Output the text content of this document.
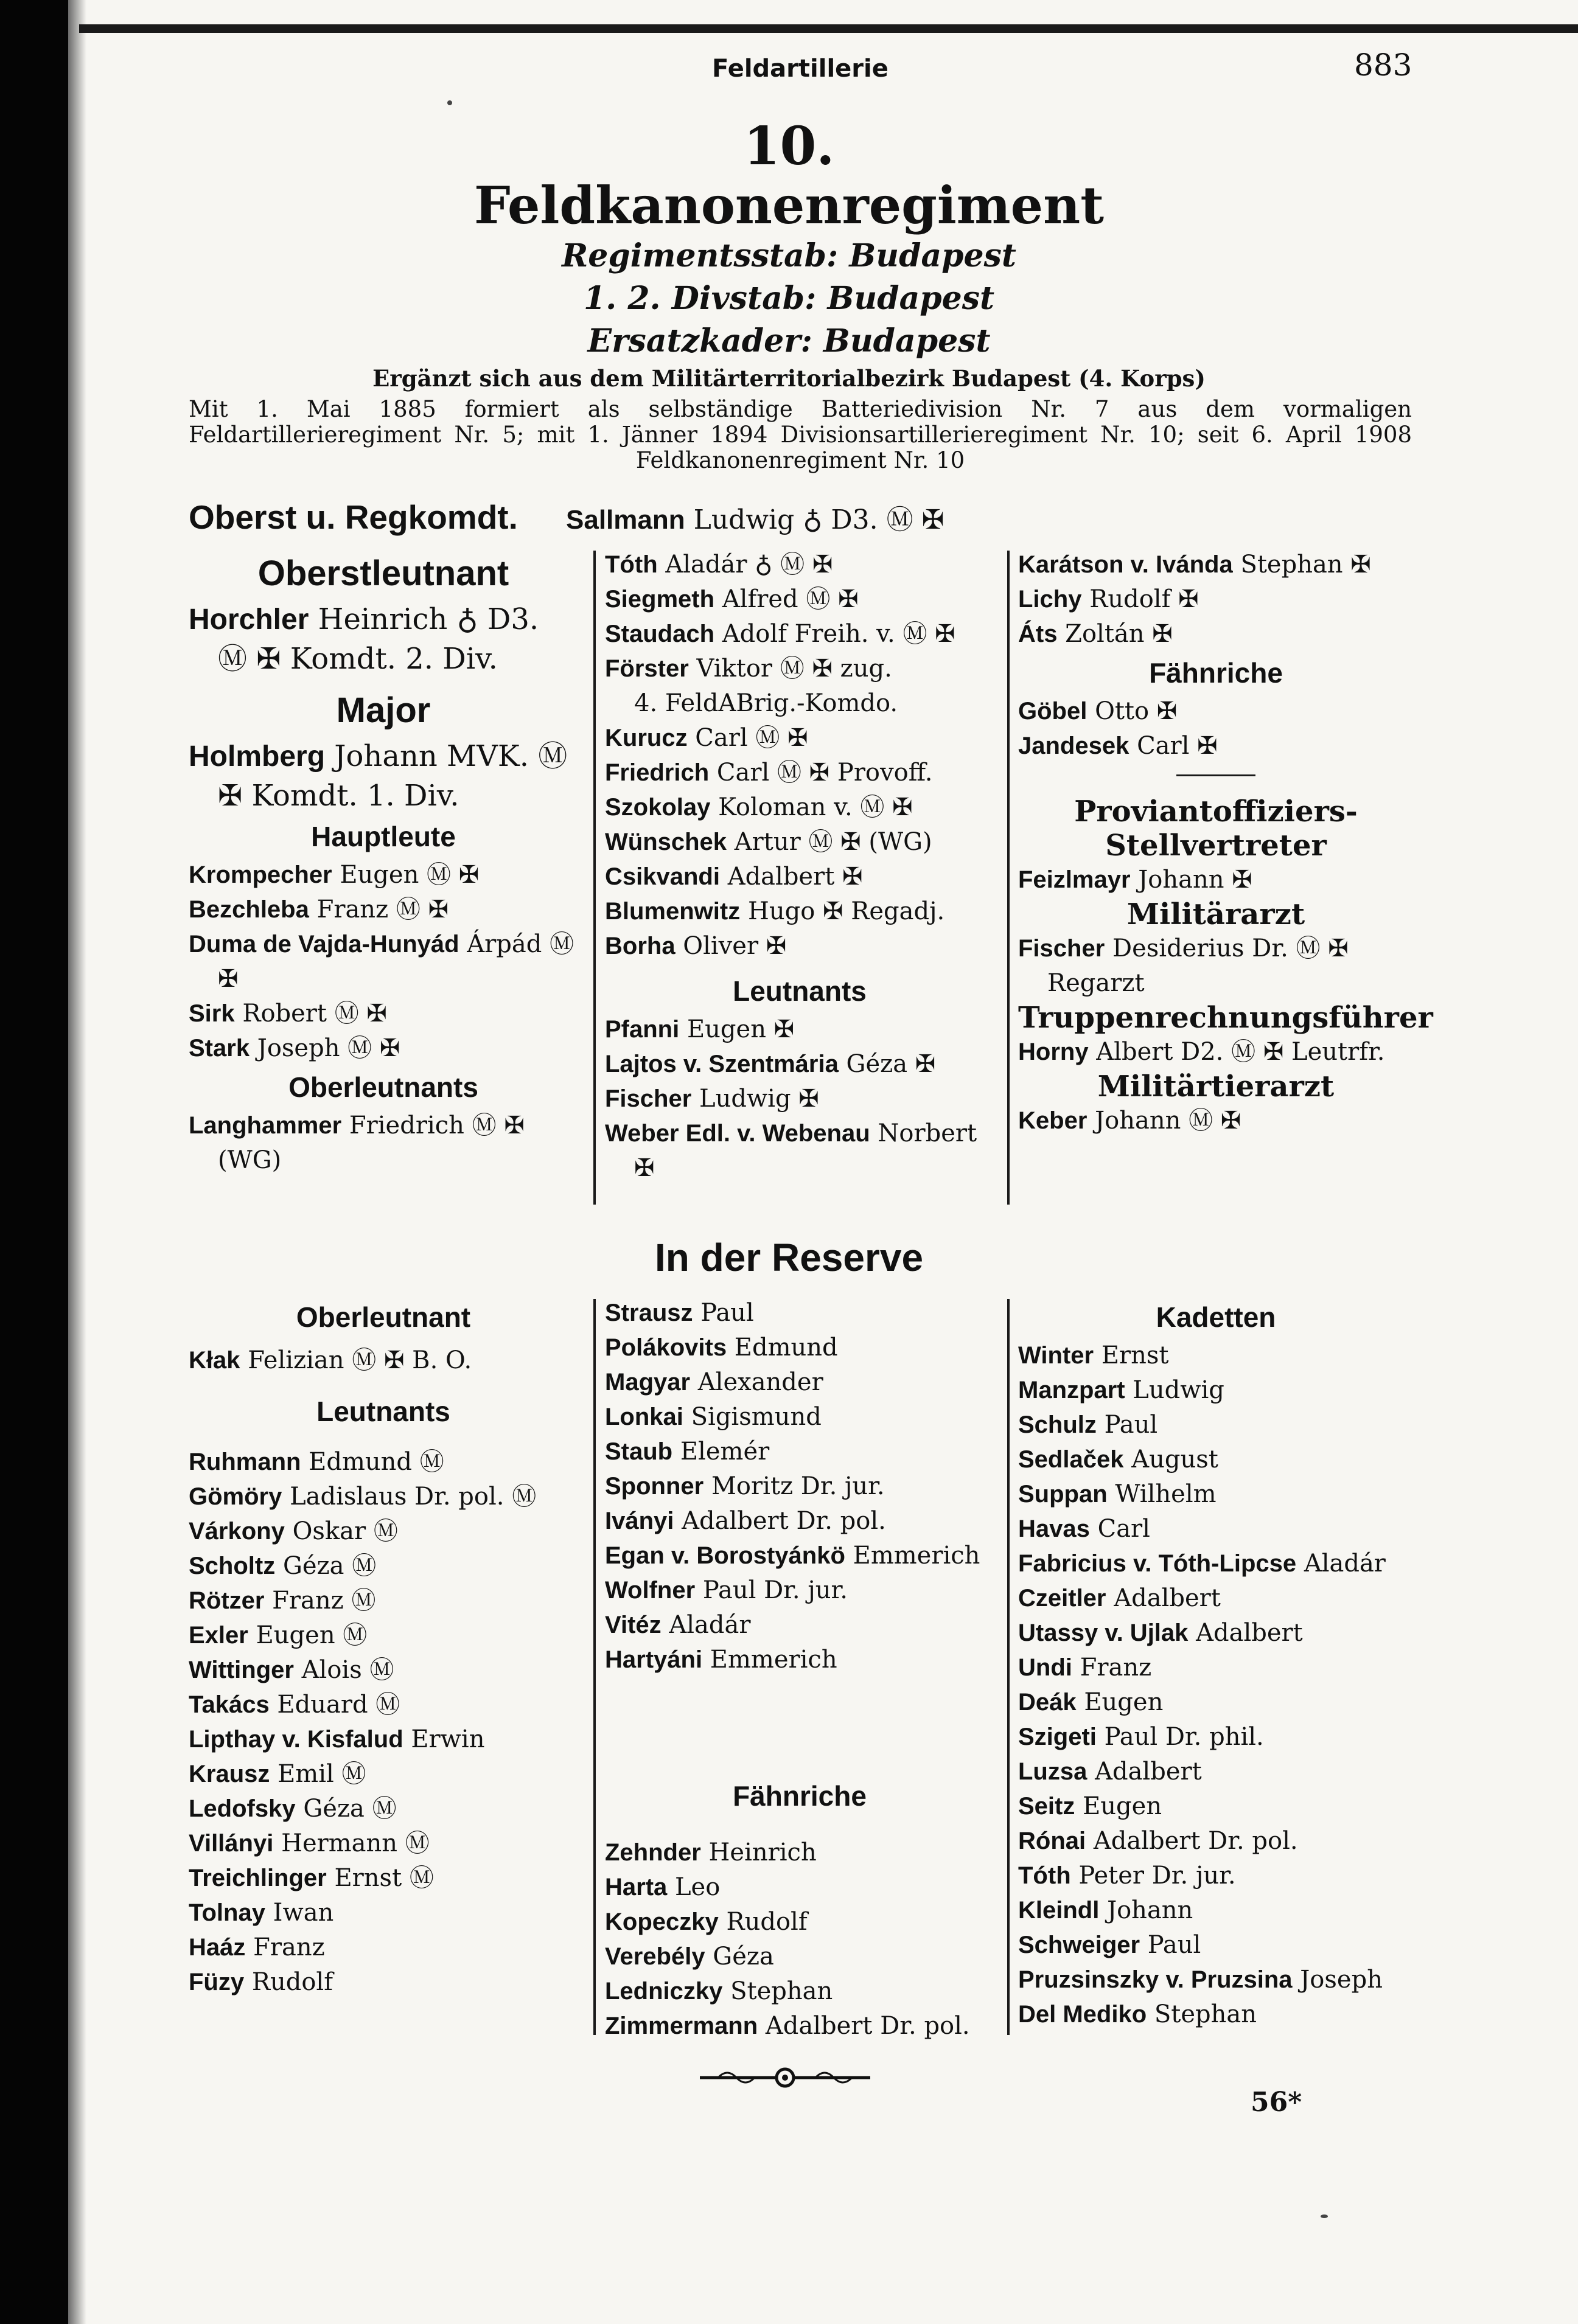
Feldartillerie	883
10.
Feldkanonenregiment
Regimentsstab: Budapest
1. 2. Divstab: Budapest
Ersatzkader: Budapest
Ergänzt sich aus dem Militärterritorialbezirk Budapest (4. Korps)
Mit 1. Mai 1885 formiert als selbständige Batteriedivision Nr. 7 aus dem vormaligen Feldartillerieregiment Nr. 5; mit 1. Jänner 1894 Divisionsartillerieregiment Nr. 10; seit 6. April 1908 Feldkanonenregiment Nr. 10
Oberst u. Regkomdt. Sallmann Ludwig ♁ D3. Ⓜ ✠
Oberstleutnant
Horchler Heinrich ♁ D3.
Ⓜ ✠ Komdt. 2. Div.
Major
Holmberg Johann MVK. Ⓜ
✠ Komdt. 1. Div.
Hauptleute
Krompecher Eugen Ⓜ ✠
Bezchleba Franz Ⓜ ✠
Duma de Vajda-Hunyád Árpád Ⓜ
✠
Sirk Robert Ⓜ ✠
Stark Joseph Ⓜ ✠
Oberleutnants
Langhammer Friedrich Ⓜ ✠
(WG)
Tóth Aladár ♁ Ⓜ ✠
Siegmeth Alfred Ⓜ ✠
Staudach Adolf Freih. v. Ⓜ ✠
Förster Viktor Ⓜ ✠ zug.
4. FeldABrig.-Komdo.
Kurucz Carl Ⓜ ✠
Friedrich Carl Ⓜ ✠ Provoff.
Szokolay Koloman v. Ⓜ ✠
Wünschek Artur Ⓜ ✠ (WG)
Csikvandi Adalbert ✠
Blumenwitz Hugo ✠ Regadj.
Borha Oliver ✠
Leutnants
Pfanni Eugen ✠
Lajtos v. Szentmária Géza ✠
Fischer Ludwig ✠
Weber Edl. v. Webenau Norbert
✠
Karátson v. Ivánda Stephan ✠
Lichy Rudolf ✠
Áts Zoltán ✠
Fähnriche
Göbel Otto ✠
Jandesek Carl ✠
Proviantoffiziers-Stellvertreter
Feizlmayr Johann ✠
Militärarzt
Fischer Desiderius Dr. Ⓜ ✠
Regarzt
Truppenrechnungsführer
Horny Albert D2. Ⓜ ✠ Leutrfr.
Militärtierarzt
Keber Johann Ⓜ ✠
In der Reserve
Oberleutnant
Kłak Felizian Ⓜ ✠ B. O.
Leutnants
Ruhmann Edmund Ⓜ
Gömöry Ladislaus Dr. pol. Ⓜ
Várkony Oskar Ⓜ
Scholtz Géza Ⓜ
Rötzer Franz Ⓜ
Exler Eugen Ⓜ
Wittinger Alois Ⓜ
Takács Eduard Ⓜ
Lipthay v. Kisfalud Erwin
Krausz Emil Ⓜ
Ledofsky Géza Ⓜ
Villányi Hermann Ⓜ
Treichlinger Ernst Ⓜ
Tolnay Iwan
Haáz Franz
Füzy Rudolf
Strausz Paul
Polákovits Edmund
Magyar Alexander
Lonkai Sigismund
Staub Elemér
Sponner Moritz Dr. jur.
Iványi Adalbert Dr. pol.
Egan v. Borostyánkö Emmerich
Wolfner Paul Dr. jur.
Vitéz Aladár
Hartyáni Emmerich
Fähnriche
Zehnder Heinrich
Harta Leo
Kopeczky Rudolf
Verebély Géza
Ledniczky Stephan
Zimmermann Adalbert Dr. pol.
Kadetten
Winter Ernst
Manzpart Ludwig
Schulz Paul
Sedlaček August
Suppan Wilhelm
Havas Carl
Fabricius v. Tóth-Lipcse Aladár
Czeitler Adalbert
Utassy v. Ujlak Adalbert
Undi Franz
Deák Eugen
Szigeti Paul Dr. phil.
Luzsa Adalbert
Seitz Eugen
Rónai Adalbert Dr. pol.
Tóth Peter Dr. jur.
Kleindl Johann
Schweiger Paul
Pruzsinszky v. Pruzsina Joseph
Del Mediko Stephan
56*
